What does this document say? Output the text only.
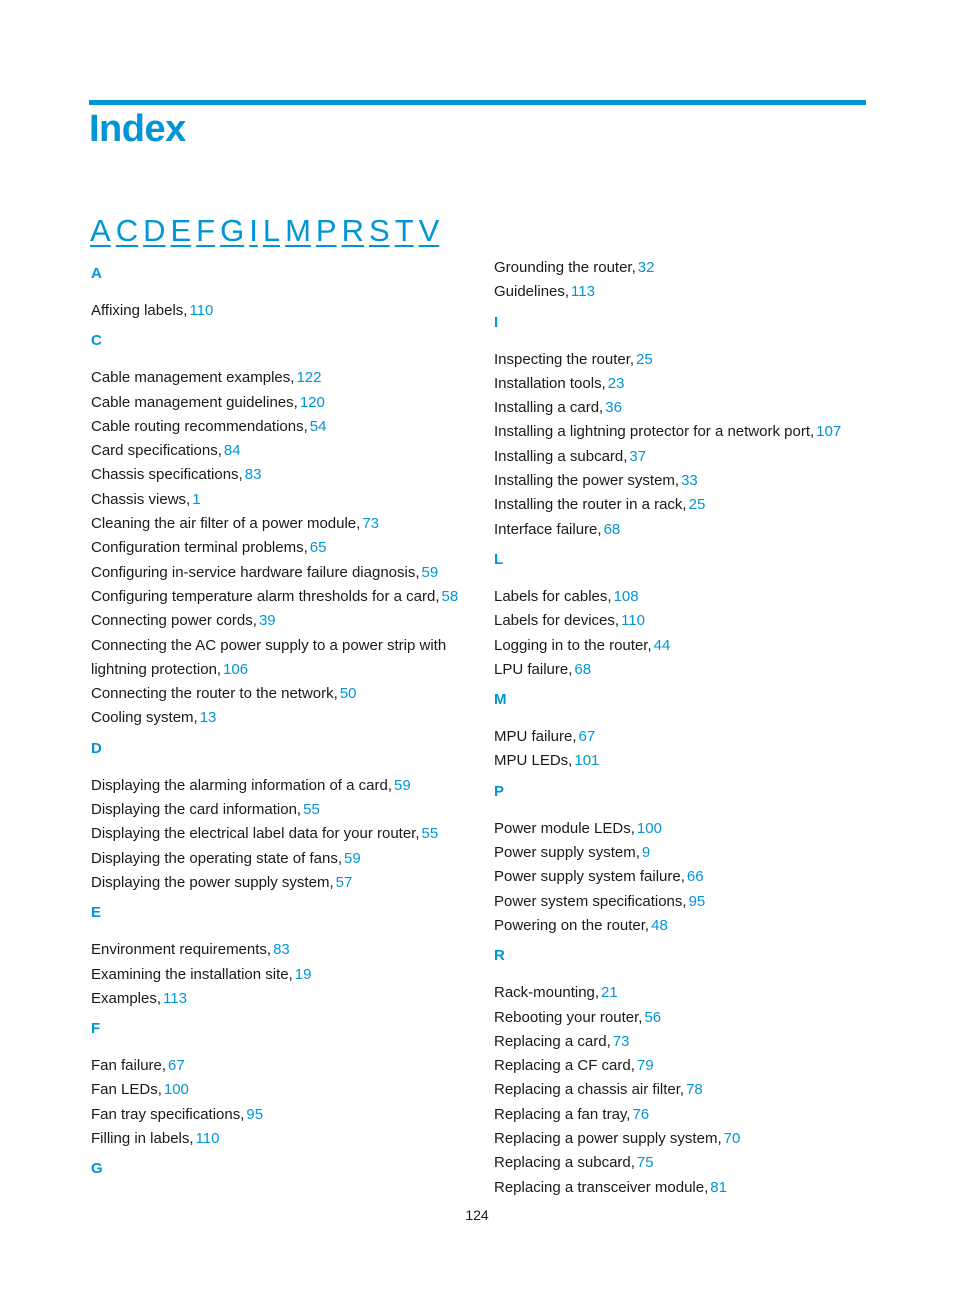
Index
A C D E F G I L M P R S T V
A
Affixing labels, 110
C
Cable management examples, 122
Cable management guidelines, 120
Cable routing recommendations, 54
Card specifications, 84
Chassis specifications, 83
Chassis views, 1
Cleaning the air filter of a power module, 73
Configuration terminal problems, 65
Configuring in-service hardware failure diagnosis, 59
Configuring temperature alarm thresholds for a card, 58
Connecting power cords, 39
Connecting the AC power supply to a power strip with lightning protection, 106
Connecting the router to the network, 50
Cooling system, 13
D
Displaying the alarming information of a card, 59
Displaying the card information, 55
Displaying the electrical label data for your router, 55
Displaying the operating state of fans, 59
Displaying the power supply system, 57
E
Environment requirements, 83
Examining the installation site, 19
Examples, 113
F
Fan failure, 67
Fan LEDs, 100
Fan tray specifications, 95
Filling in labels, 110
G
Grounding the router, 32
Guidelines, 113
I
Inspecting the router, 25
Installation tools, 23
Installing a card, 36
Installing a lightning protector for a network port, 107
Installing a subcard, 37
Installing the power system, 33
Installing the router in a rack, 25
Interface failure, 68
L
Labels for cables, 108
Labels for devices, 110
Logging in to the router, 44
LPU failure, 68
M
MPU failure, 67
MPU LEDs, 101
P
Power module LEDs, 100
Power supply system, 9
Power supply system failure, 66
Power system specifications, 95
Powering on the router, 48
R
Rack-mounting, 21
Rebooting your router, 56
Replacing a card, 73
Replacing a CF card, 79
Replacing a chassis air filter, 78
Replacing a fan tray, 76
Replacing a power supply system, 70
Replacing a subcard, 75
Replacing a transceiver module, 81
124
